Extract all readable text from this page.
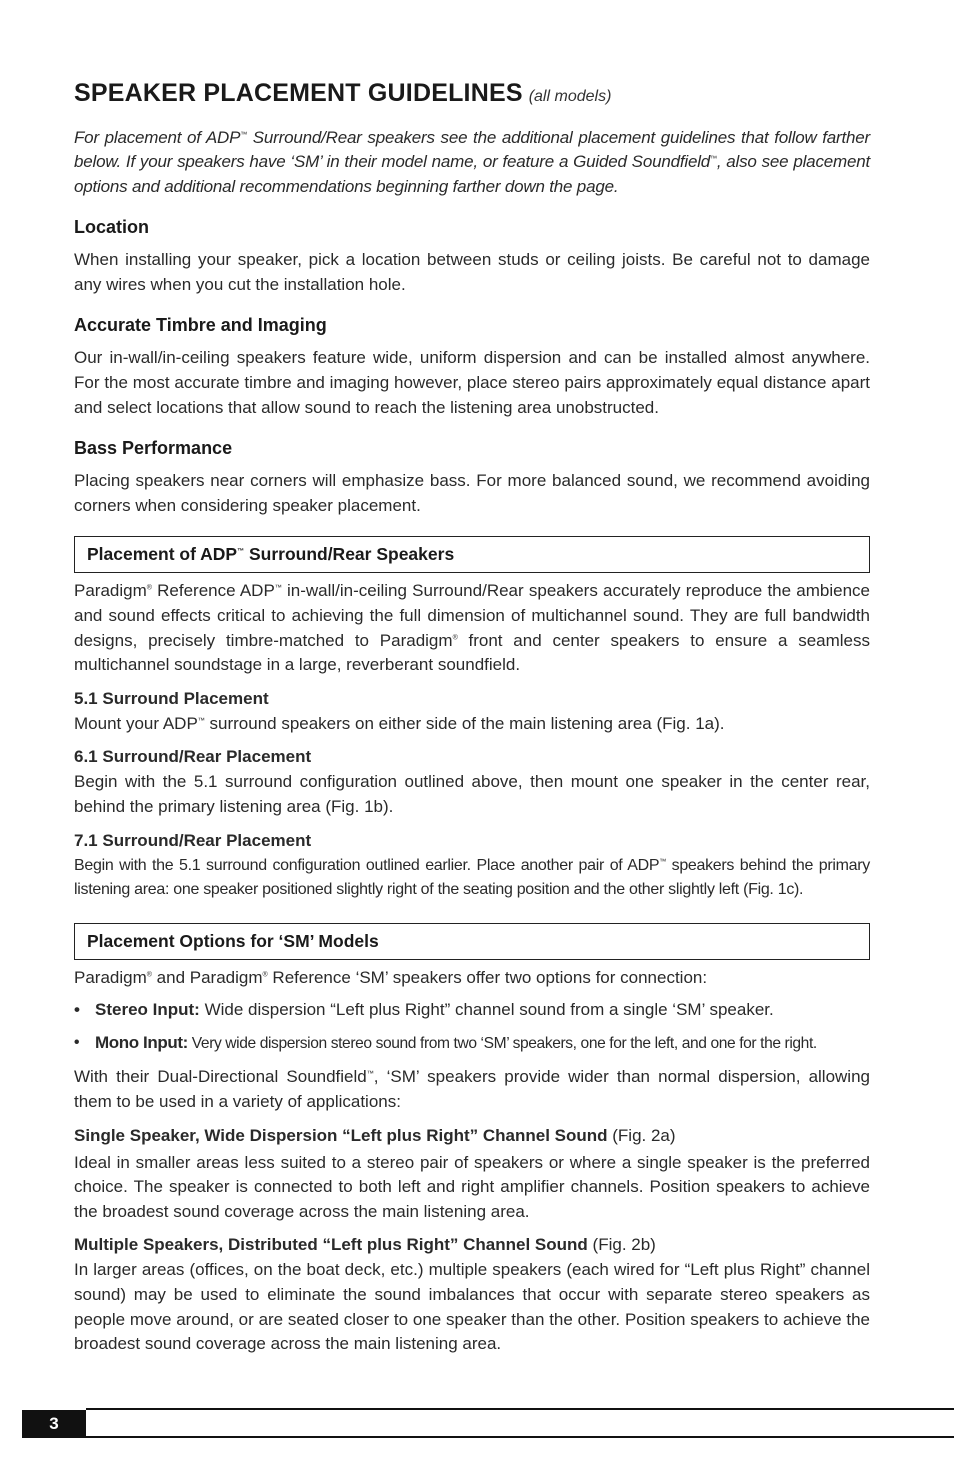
SPEAKER PLACEMENT GUIDELINES (all models)

For placement of ADP™ Surround/Rear speakers see the additional placement guidelines that follow farther below. If your speakers have ‘SM’ in their model name, or feature a Guided Soundfield™, also see placement options and additional recommendations beginning farther down the page.

Location

When installing your speaker, pick a location between studs or ceiling joists. Be careful not to damage any wires when you cut the installation hole.

Accurate Timbre and Imaging

Our in-wall/in-ceiling speakers feature wide, uniform dispersion and can be installed almost anywhere. For the most accurate timbre and imaging however, place stereo pairs approximately equal distance apart and select locations that allow sound to reach the listening area unobstructed.

Bass Performance

Placing speakers near corners will emphasize bass. For more balanced sound, we recommend avoiding corners when considering speaker placement.

Placement of ADP™ Surround/Rear Speakers

Paradigm® Reference ADP™ in-wall/in-ceiling Surround/Rear speakers accurately reproduce the ambience and sound effects critical to achieving the full dimension of multichannel sound. They are full bandwidth designs, precisely timbre-matched to Paradigm® front and center speakers to ensure a seamless multichannel soundstage in a large, reverberant soundfield.

5.1 Surround Placement

Mount your ADP™ surround speakers on either side of the main listening area (Fig. 1a).

6.1 Surround/Rear Placement

Begin with the 5.1 surround configuration outlined above, then mount one speaker in the center rear, behind the primary listening area (Fig. 1b).

7.1 Surround/Rear Placement

Begin with the 5.1 surround configuration outlined earlier. Place another pair of ADP™ speakers behind the primary listening area: one speaker positioned slightly right of the seating position and the other slightly left (Fig. 1c).

Placement Options for ‘SM’ Models

Paradigm® and Paradigm® Reference ‘SM’ speakers offer two options for connection:

• Stereo Input: Wide dispersion “Left plus Right” channel sound from a single ‘SM’ speaker.
• Mono Input: Very wide dispersion stereo sound from two ‘SM’ speakers, one for the left, and one for the right.

With their Dual-Directional Soundfield™, ‘SM’ speakers provide wider than normal dispersion, allowing them to be used in a variety of applications:

Single Speaker, Wide Dispersion “Left plus Right” Channel Sound (Fig. 2a)

Ideal in smaller areas less suited to a stereo pair of speakers or where a single speaker is the preferred choice. The speaker is connected to both left and right amplifier channels. Position speakers to achieve the broadest sound coverage across the main listening area.

Multiple Speakers, Distributed “Left plus Right” Channel Sound (Fig. 2b)

In larger areas (offices, on the boat deck, etc.) multiple speakers (each wired for “Left plus Right” channel sound) may be used to eliminate the sound imbalances that occur with separate stereo speakers as people move around, or are seated closer to one speaker than the other. Position speakers to achieve the broadest sound coverage across the main listening area.

3
